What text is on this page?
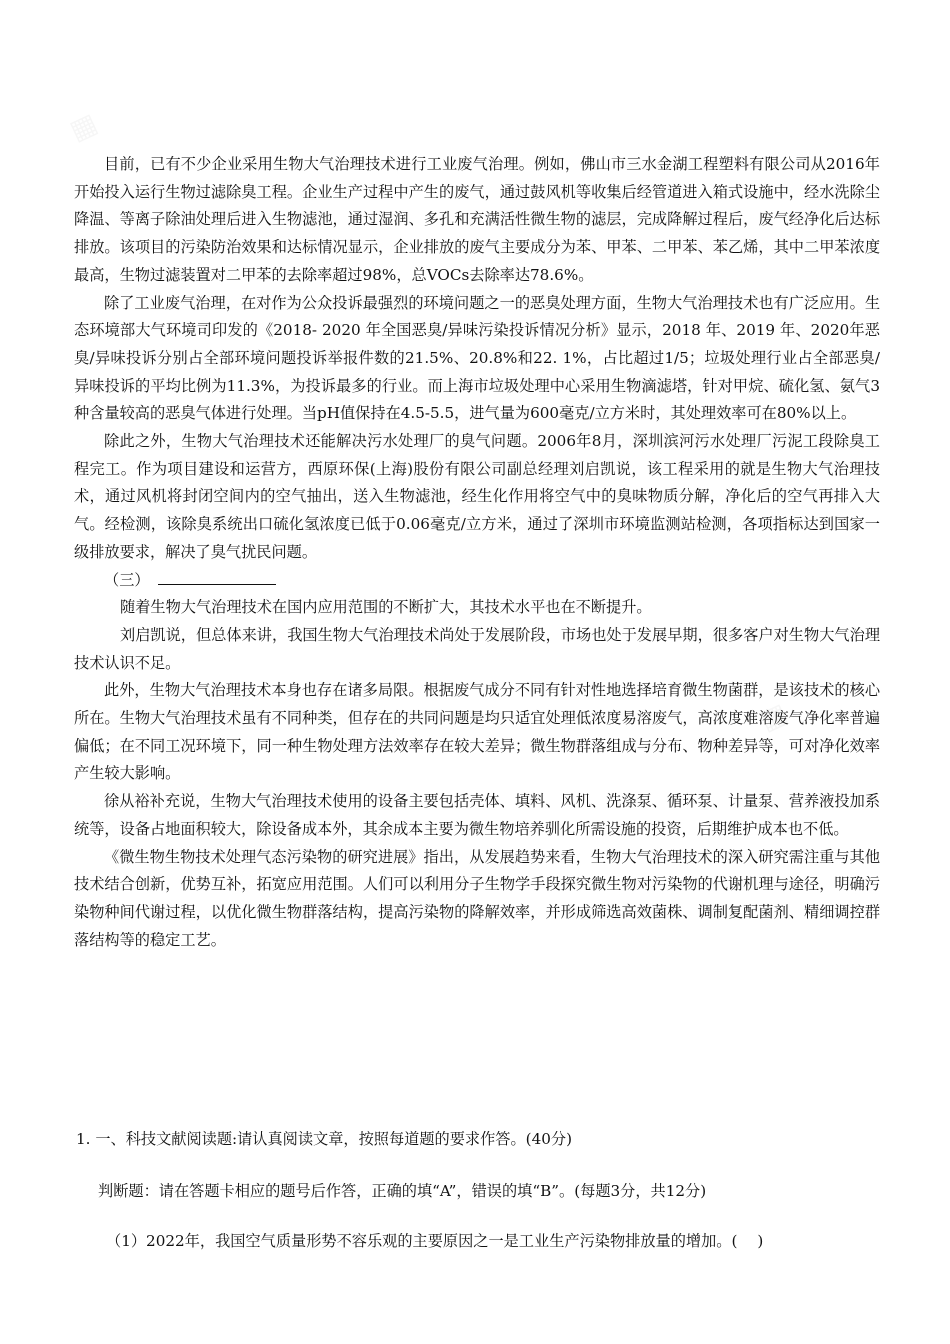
目前，已有不少企业采用生物大气治理技术进行工业废气治理。例如，佛山市三水金湖工程塑料有限公司从2016年开始投入运行生物过滤除臭工程。企业生产过程中产生的废气，通过鼓风机等收集后经管道进入箱式设施中，经水洗除尘降温、等离子除油处理后进入生物滤池，通过湿润、多孔和充满活性微生物的滤层，完成降解过程后，废气经净化后达标排放。该项目的污染防治效果和达标情况显示，企业排放的废气主要成分为苯、甲苯、二甲苯、苯乙烯，其中二甲苯浓度最高，生物过滤装置对二甲苯的去除率超过98%，总VOCs去除率达78.6%。

除了工业废气治理，在对作为公众投诉最强烈的环境问题之一的恶臭处理方面，生物大气治理技术也有广泛应用。生态环境部大气环境司印发的《2018- 2020 年全国恶臭/异味污染投诉情况分析》显示，2018 年、2019 年、2020年恶臭/异味投诉分别占全部环境问题投诉举报件数的21.5%、20.8%和22. 1%，占比超过1/5；垃圾处理行业占全部恶臭/异味投诉的平均比例为11.3%，为投诉最多的行业。而上海市垃圾处理中心采用生物滴滤塔，针对甲烷、硫化氢、氨气3种含量较高的恶臭气体进行处理。当pH值保持在4.5-5.5，进气量为600毫克/立方米时，其处理效率可在80%以上。

除此之外，生物大气治理技术还能解决污水处理厂的臭气问题。2006年8月，深圳滨河污水处理厂污泥工段除臭工程完工。作为项目建设和运营方，西原环保(上海)股份有限公司副总经理刘启凯说，该工程采用的就是生物大气治理技术，通过风机将封闭空间内的空气抽出，送入生物滤池，经生化作用将空气中的臭味物质分解，净化后的空气再排入大气。经检测，该除臭系统出口硫化氢浓度已低于0.06毫克/立方米，通过了深圳市环境监测站检测，各项指标达到国家一级排放要求，解决了臭气扰民问题。

（三）

随着生物大气治理技术在国内应用范围的不断扩大，其技术水平也在不断提升。

刘启凯说，但总体来讲，我国生物大气治理技术尚处于发展阶段，市场也处于发展早期，很多客户对生物大气治理技术认识不足。

此外，生物大气治理技术本身也存在诸多局限。根据废气成分不同有针对性地选择培育微生物菌群，是该技术的核心所在。生物大气治理技术虽有不同种类，但存在的共同问题是均只适宜处理低浓度易溶废气，高浓度难溶废气净化率普遍偏低；在不同工况环境下，同一种生物处理方法效率存在较大差异；微生物群落组成与分布、物种差异等，可对净化效率产生较大影响。

徐从裕补充说，生物大气治理技术使用的设备主要包括壳体、填料、风机、洗涤泵、循环泵、计量泵、营养液投加系统等，设备占地面积较大，除设备成本外，其余成本主要为微生物培养驯化所需设施的投资，后期维护成本也不低。

《微生物生物技术处理气态污染物的研究进展》指出，从发展趋势来看，生物大气治理技术的深入研究需注重与其他技术结合创新，优势互补，拓宽应用范围。人们可以利用分子生物学手段探究微生物对污染物的代谢机理与途径，明确污染物种间代谢过程，以优化微生物群落结构，提高污染物的降解效率，并形成筛选高效菌株、调制复配菌剂、精细调控群落结构等的稳定工艺。

1. 一、科技文献阅读题:请认真阅读文章，按照每道题的要求作答。(40分)

判断题：请在答题卡相应的题号后作答，正确的填“A”，错误的填“B”。(每题3分，共12分)

（1）2022年，我国空气质量形势不容乐观的主要原因之一是工业生产污染物排放量的增加。(　 )
